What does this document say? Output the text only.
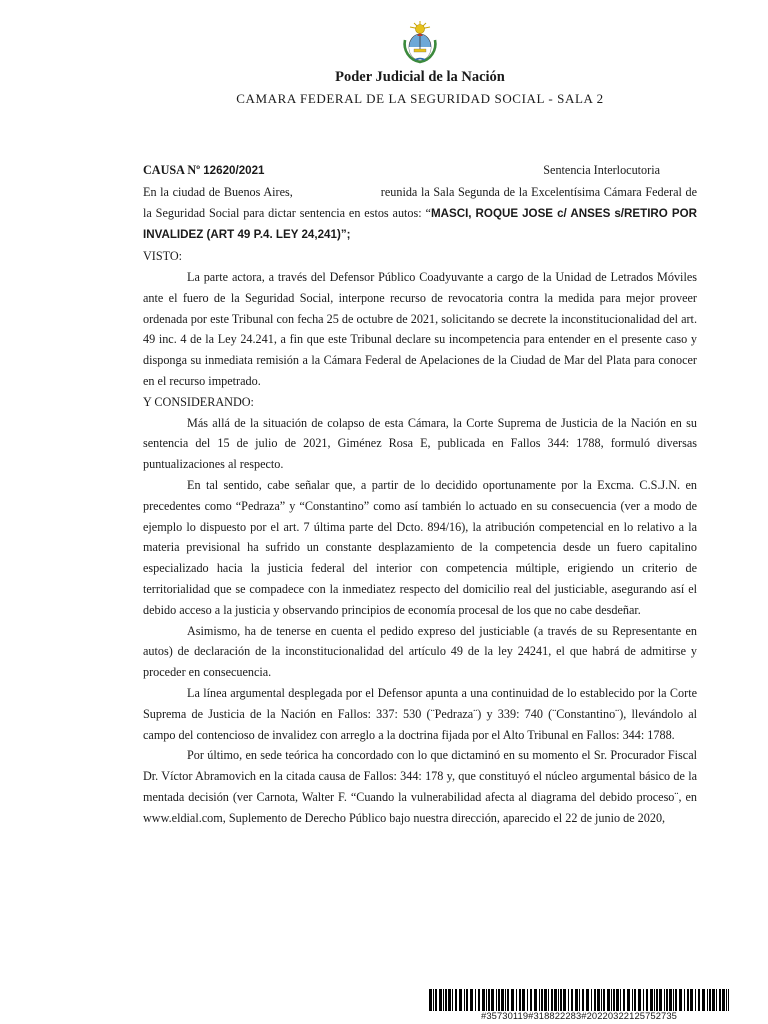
Poder Judicial de la Nación
CAMARA FEDERAL DE LA SEGURIDAD SOCIAL - SALA 2
CAUSA Nº 12620/2021	Sentencia Interlocutoria

En la ciudad de Buenos Aires,	reunida la Sala Segunda de la Excelentísima Cámara Federal de la Seguridad Social para dictar sentencia en estos autos: “MASCI, ROQUE JOSE c/ ANSES s/RETIRO POR INVALIDEZ (ART 49 P.4. LEY 24,241)”;

VISTO:

La parte actora, a través del Defensor Público Coadyuvante a cargo de la Unidad de Letrados Móviles ante el fuero de la Seguridad Social, interpone recurso de revocatoria contra la medida para mejor proveer ordenada por este Tribunal con fecha 25 de octubre de 2021, solicitando se decrete la inconstitucionalidad del art. 49 inc. 4 de la Ley 24.241, a fin que este Tribunal declare su incompetencia para entender en el presente caso y disponga su inmediata remisión a la Cámara Federal de Apelaciones de la Ciudad de Mar del Plata para conocer en el recurso impetrado.

Y CONSIDERANDO:

Más allá de la situación de colapso de esta Cámara, la Corte Suprema de Justicia de la Nación en su sentencia del 15 de julio de 2021, Giménez Rosa E, publicada en Fallos 344: 1788, formuló diversas puntualizaciones al respecto.

En tal sentido, cabe señalar que, a partir de lo decidido oportunamente por la Excma. C.S.J.N. en precedentes como “Pedraza” y “Constantino” como así también lo actuado en su consecuencia (ver a modo de ejemplo lo dispuesto por el art. 7 última parte del Dcto. 894/16), la atribución competencial en lo relativo a la materia previsional ha sufrido un constante desplazamiento de la competencia desde un fuero capitalino especializado hacia la justicia federal del interior con competencia múltiple, erigiendo un criterio de territorialidad que se compadece con la inmediatez respecto del domicilio real del justiciable, asegurando así el debido acceso a la justicia y observando principios de economía procesal de los que no cabe desdeñar.

Asimismo, ha de tenerse en cuenta el pedido expreso del justiciable (a través de su Representante en autos) de declaración de la inconstitucionalidad del artículo 49 de la ley 24241, el que habrá de admitirse y proceder en consecuencia.

La línea argumental desplegada por el Defensor apunta a una continuidad de lo establecido por la Corte Suprema de Justicia de la Nación en Fallos: 337: 530 (¨Pedraza¨) y 339: 740 (¨Constantino¨), llevándolo al campo del contencioso de invalidez con arreglo a la doctrina fijada por el Alto Tribunal en Fallos: 344: 1788.

Por último, en sede teórica ha concordado con lo que dictaminó en su momento el Sr. Procurador Fiscal Dr. Víctor Abramovich en la citada causa de Fallos: 344: 178 y, que constituyó el núcleo argumental básico de la mentada decisión (ver Carnota, Walter F. “Cuando la vulnerabilidad afecta al diagrama del debido proceso¨, en www.eldial.com, Suplemento de Derecho Público bajo nuestra dirección, aparecido el 22 de junio de 2020,

#35730119#318822283#20220322125752735
